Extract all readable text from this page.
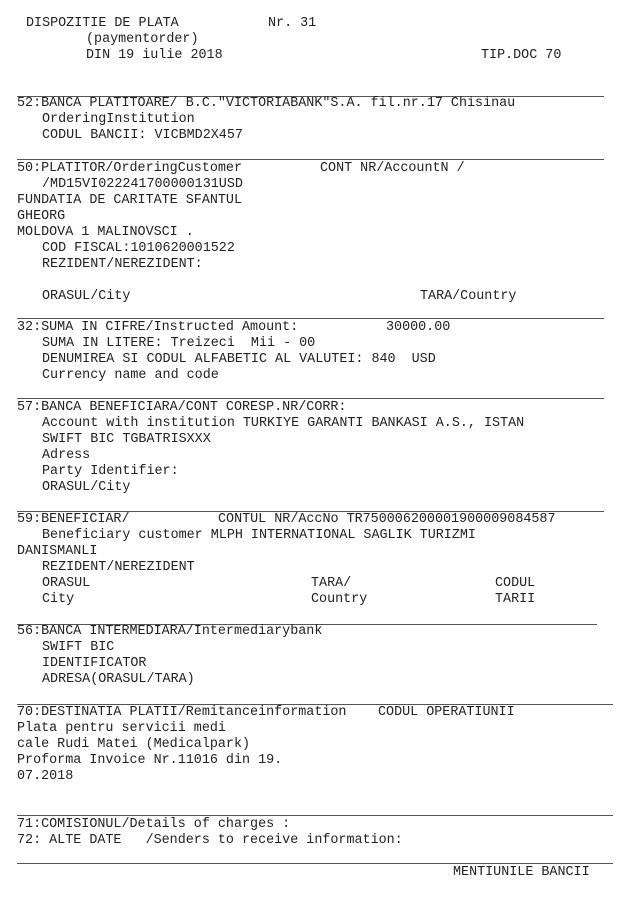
DISPOZITIE DE PLATA	Nr. 31
(paymentorder)
DIN 19 iulie 2018	TIP.DOC 70
52:BANCA PLATITOARE/ B.C."VICTORIABANK"S.A. fil.nr.17 Chisinau
OrderingInstitution
CODUL BANCII: VICBMD2X457
50:PLATITOR/OrderingCustomer	CONT NR/AccountN /
/MD15VI022241700000131USD
FUNDATIA DE CARITATE SFANTUL
GHEORG
MOLDOVA 1 MALINOVSCI .
COD FISCAL:1010620001522
REZIDENT/NEREZIDENT:
ORASUL/City	TARA/Country
32:SUMA IN CIFRE/Instructed Amount:	30000.00
SUMA IN LITERE: Treizeci  Mii - 00
DENUMIREA SI CODUL ALFABETIC AL VALUTEI: 840  USD
Currency name and code
57:BANCA BENEFICIARA/CONT CORESP.NR/CORR:
Account with institution TURKIYE GARANTI BANKASI A.S., ISTAN
SWIFT BIC TGBATRISXXX
Adress
Party Identifier:
ORASUL/City
59:BENEFICIAR/	CONTUL NR/AccNo TR750006200001900009084587
Beneficiary customer MLPH INTERNATIONAL SAGLIK TURIZMI
DANISMANLI
REZIDENT/NEREZIDENT
ORASUL	TARA/	CODUL
City	Country	TARII
56:BANCA INTERMEDIARA/Intermediarybank
SWIFT BIC
IDENTIFICATOR
ADRESA(ORASUL/TARA)
70:DESTINATIA PLATII/Remitanceinformation CODUL OPERATIUNII
Plata pentru servicii medi
cale Rudi Matei (Medicalpark)
Proforma Invoice Nr.11016 din 19.
07.2018
71:COMISIONUL/Details of charges :
72: ALTE DATE   /Senders to receive information:
MENTIUNILE BANCII
